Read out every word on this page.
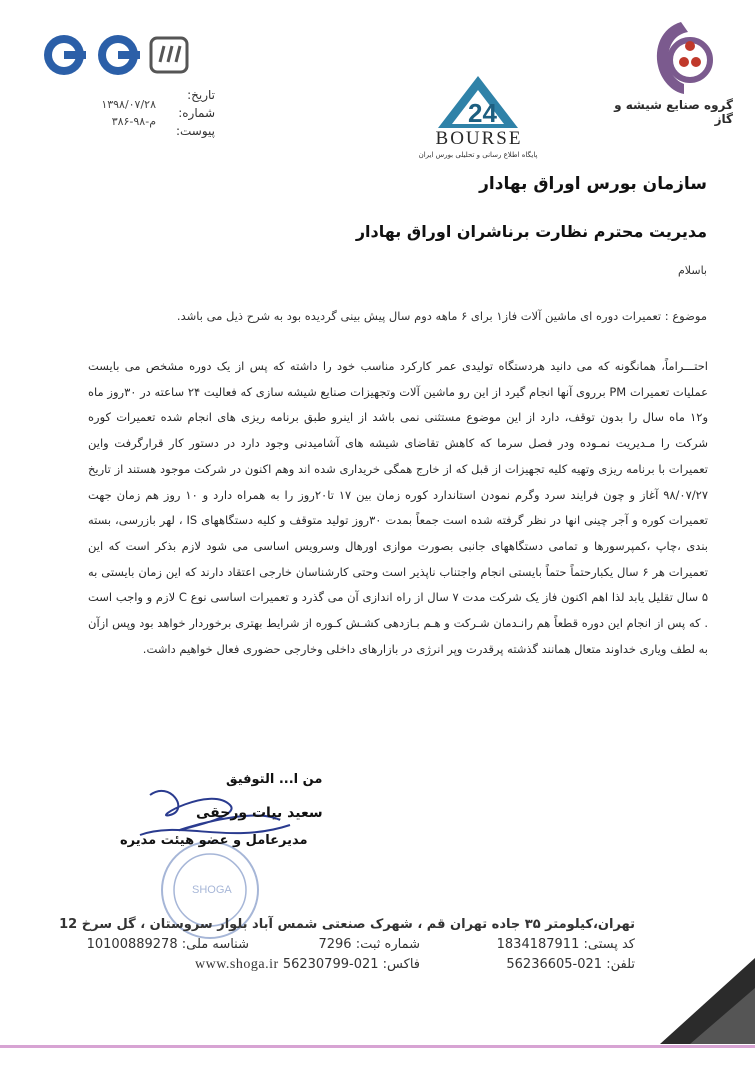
تاریخ:
شماره:
پیوست:
۱۳۹۸/۰۷/۲۸
۳۸۶-م-۹۸	24
BOURSE
پایگاه اطلاع رسانی و تحلیلی بورس ایران
گروه صنایع شیشه و گاز
سازمان بورس اوراق بهادار
مدیریت محترم نظارت برناشران اوراق بهادار
باسلام
موضوع : تعمیرات دوره ای ماشین آلات فاز۱ برای ۶ ماهه دوم سال پیش بینی گردیده بود به شرح ذیل می باشد.
احتـــراماً، همانگونه که می دانید هردستگاه تولیدی عمر کارکرد مناسب خود را داشته که پس از یک دوره مشخص می بایست عملیات تعمیرات PM برروی آنها انجام گیرد از این رو ماشین آلات وتجهیزات صنایع شیشه سازی که فعالیت ۲۴ ساعته در ۳۰روز ماه و۱۲ ماه سال را بدون توقف، دارد از این موضوع مستثنی نمی باشد از اینرو طبق برنامه ریزی های انجام شده تعمیرات کوره شرکت را مـدیریت نمـوده ودر فصل سرما که کاهش تقاضای شیشه های آشامیدنی وجود دارد در دستور کار قرارگرفت واین تعمیرات با برنامه ریزی وتهیه کلیه تجهیزات از قبل که از خارج همگی خریداری شده اند وهم اکنون در شرکت موجود هستند از تاریخ ۹۸/۰۷/۲۷ آغاز و چون فرایند سرد وگرم نمودن استاندارد کوره زمان بین ۱۷ تا۲۰روز را به همراه دارد و ۱۰ روز هم زمان جهت تعمیرات کوره و آجر چینی انها در نظر گرفته شده است جمعاً بمدت ۳۰روز تولید متوقف و کلیه دستگاههای IS ، لهر بازرسی، بسته بندی ،چاپ ،کمپرسورها و تمامی دستگاههای جانبی بصورت موازی اورهال وسرویس اساسی می شود لازم بذکر است که این تعمیرات هر ۶ سال یکبارحتماً حتماً بایستی انجام واجتناب ناپذیر است وحتی کارشناسان خارجی اعتقاد دارند که این زمان بایستی به ۵ سال تقلیل یابد لذا اهم اکنون فاز یک شرکت مدت ۷ سال از راه اندازی آن می گذرد و تعمیرات اساسی نوع C لازم و واجب است . که پس از انجام این دوره قطعاً هم رانـدمان شـرکت و هـم بـازدهی کشـش کـوره از شرایط بهتری برخوردار خواهد بود وپس ازآن به لطف ویاری خداوند متعال همانند گذشته پرقدرت وپر انرژی در بازارهای داخلی وخارجی حضوری فعال خواهیم داشت.
SHOGA
من ا... التوفیق
سعید بیات ورحقی
مدیرعامل و عضو هیئت مدیره
تهران،کیلومتر ۳۵ جاده تهران قم ، شهرک صنعتی شمس آباد بلوار سروستان ، گل سرخ 12
کد پستی: 1834187911
شماره ثبت: 7296
شناسه ملی: 10100889278
تلفن: 021-56236605
فاکس: 021-56230799
www.shoga.ir
